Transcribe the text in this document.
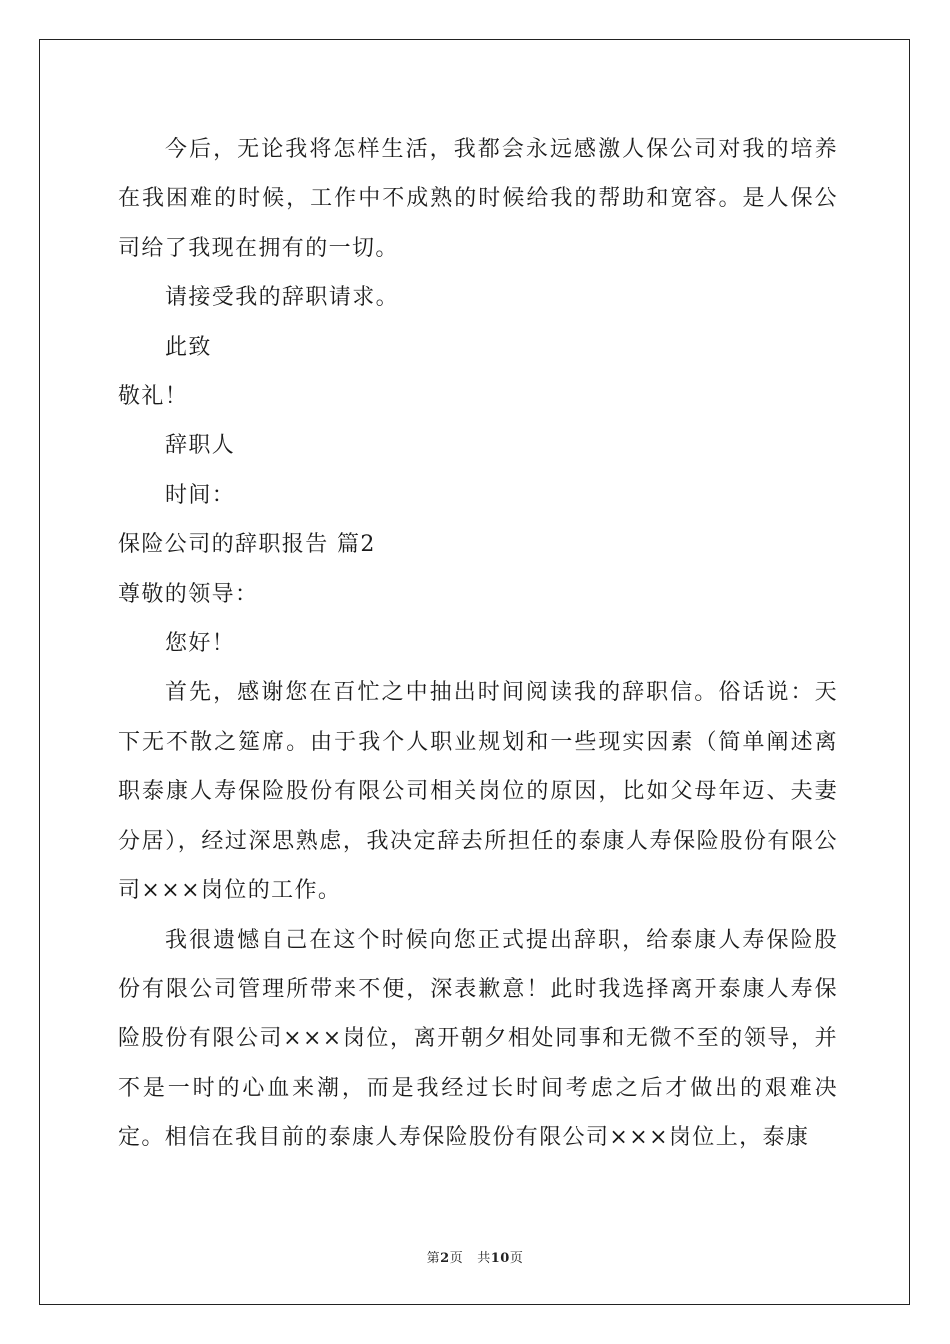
今后，无论我将怎样生活，我都会永远感激人保公司对我的培养在我困难的时候，工作中不成熟的时候给我的帮助和宽容。是人保公司给了我现在拥有的一切。

请接受我的辞职请求。

此致

敬礼！

辞职人

时间：

保险公司的辞职报告 篇2

尊敬的领导：

您好！

首先，感谢您在百忙之中抽出时间阅读我的辞职信。俗话说：天下无不散之筵席。由于我个人职业规划和一些现实因素（简单阐述离职泰康人寿保险股份有限公司相关岗位的原因，比如父母年迈、夫妻分居），经过深思熟虑，我决定辞去所担任的泰康人寿保险股份有限公司×××岗位的工作。

我很遗憾自己在这个时候向您正式提出辞职，给泰康人寿保险股份有限公司管理所带来不便，深表歉意！此时我选择离开泰康人寿保险股份有限公司×××岗位，离开朝夕相处同事和无微不至的领导，并不是一时的心血来潮，而是我经过长时间考虑之后才做出的艰难决定。相信在我目前的泰康人寿保险股份有限公司×××岗位上，泰康

第2页 共10页
